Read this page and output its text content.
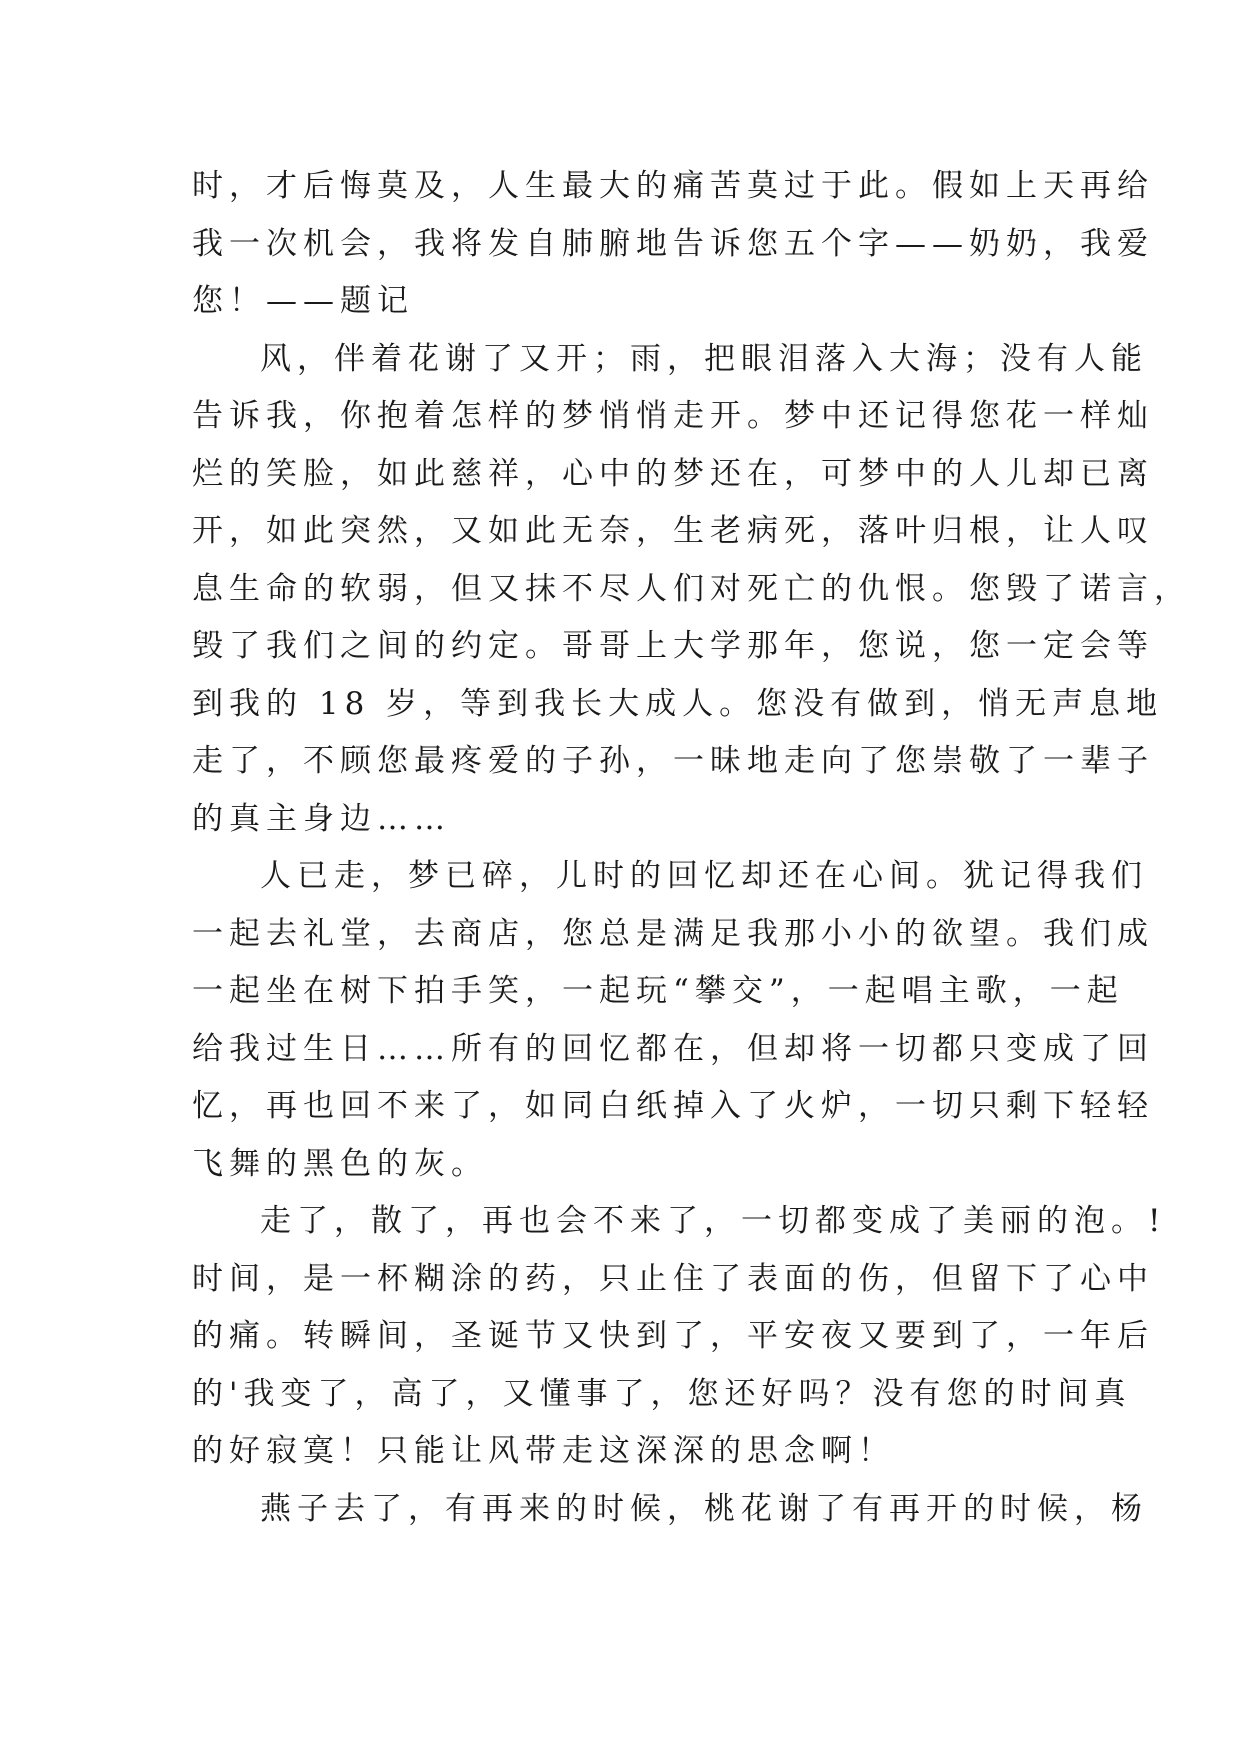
时，才后悔莫及，人生最大的痛苦莫过于此。假如上天再给
我一次机会，我将发自肺腑地告诉您五个字——奶奶，我爱
您！——题记
风，伴着花谢了又开；雨，把眼泪落入大海；没有人能
告诉我，你抱着怎样的梦悄悄走开。梦中还记得您花一样灿
烂的笑脸，如此慈祥，心中的梦还在，可梦中的人儿却已离
开，如此突然，又如此无奈，生老病死，落叶归根，让人叹
息生命的软弱，但又抹不尽人们对死亡的仇恨。您毁了诺言，
毁了我们之间的约定。哥哥上大学那年，您说，您一定会等
到我的 18 岁，等到我长大成人。您没有做到，悄无声息地
走了，不顾您最疼爱的子孙，一昧地走向了您崇敬了一辈子
的真主身边……
人已走，梦已碎，儿时的回忆却还在心间。犹记得我们
一起去礼堂，去商店，您总是满足我那小小的欲望。我们成
一起坐在树下拍手笑，一起玩“攀交”，一起唱主歌，一起
给我过生日……所有的回忆都在，但却将一切都只变成了回
忆，再也回不来了，如同白纸掉入了火炉，一切只剩下轻轻
飞舞的黑色的灰。
走了，散了，再也会不来了，一切都变成了美丽的泡。!
时间，是一杯糊涂的药，只止住了表面的伤，但留下了心中
的痛。转瞬间，圣诞节又快到了，平安夜又要到了，一年后
的'我变了，高了，又懂事了，您还好吗？没有您的时间真
的好寂寞！只能让风带走这深深的思念啊！
燕子去了，有再来的时候，桃花谢了有再开的时候，杨
